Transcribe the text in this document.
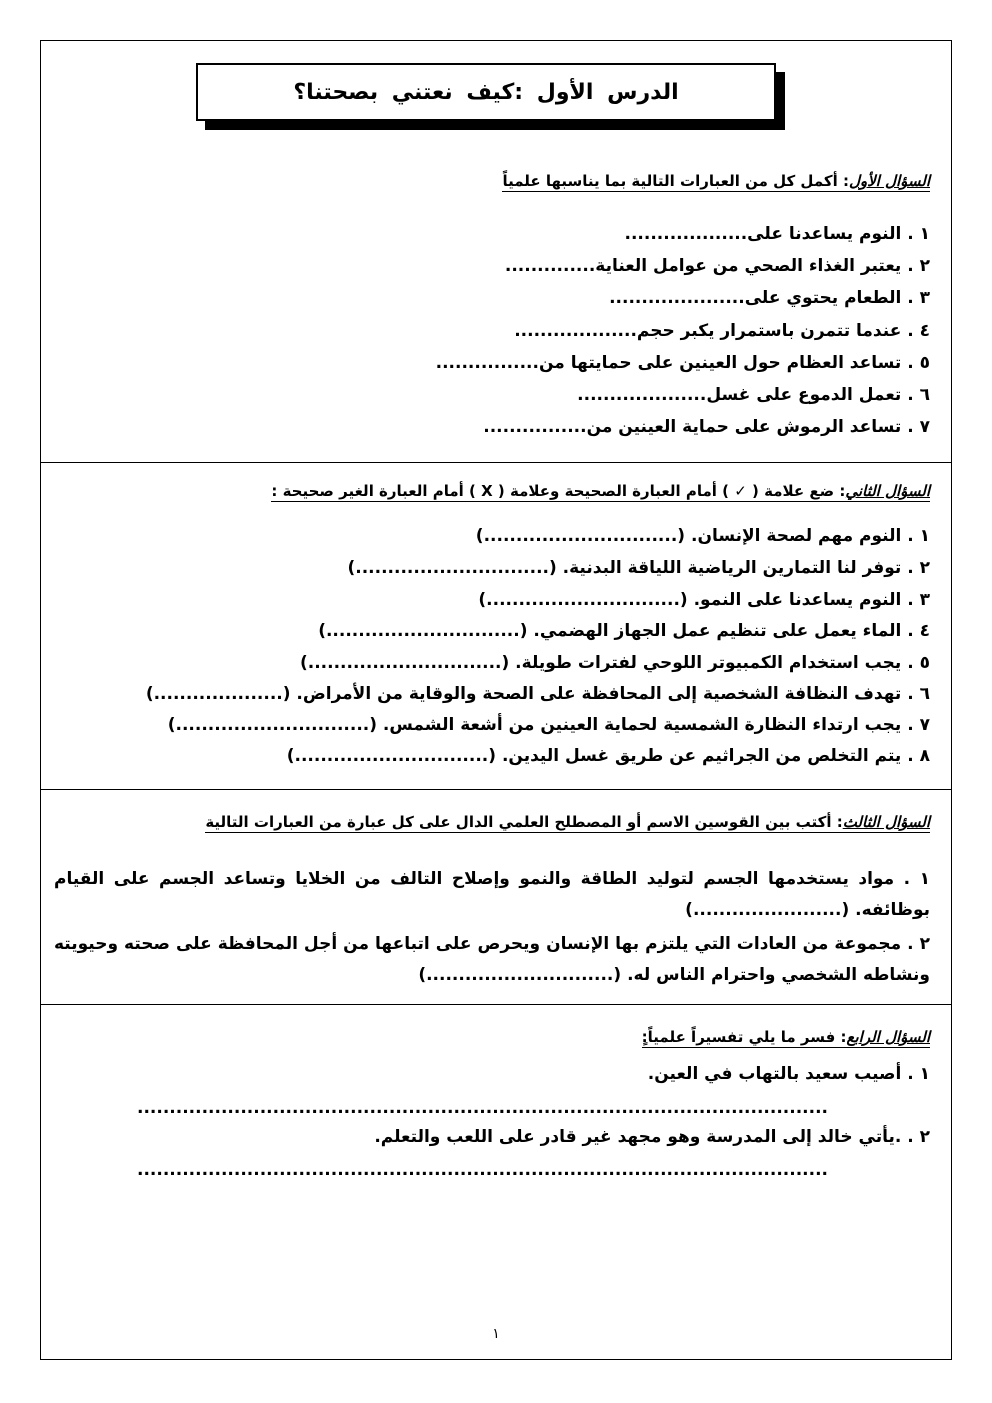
الدرس الأول :كيف نعتني بصحتنا؟
السؤال الأول: أكمل كل من العبارات التالية بما يناسبها علمياً
١ . النوم يساعدنا على...................
٢ . يعتبر الغذاء الصحي من عوامل العناية..............
٣ . الطعام يحتوي على.....................
٤ . عندما تتمرن باستمرار يكبر حجم...................
٥ . تساعد العظام حول العينين على حمايتها من................
٦ . تعمل الدموع على غسل....................
٧ . تساعد الرموش على حماية العينين من................
السؤال الثاني: ضع علامة ( ✓ ) أمام العبارة الصحيحة وعلامة ( X ) أمام العبارة الغير صحيحة :
١ . النوم مهم لصحة الإنسان. (..............................)
٢ . توفر لنا التمارين الرياضية اللياقة البدنية. (..............................)
٣ . النوم يساعدنا على النمو. (..............................)
٤ . الماء يعمل على تنظيم عمل الجهاز الهضمي. (..............................)
٥ . يجب استخدام الكمبيوتر اللوحي لفترات طويلة. (..............................)
٦ . تهدف النظافة الشخصية إلى المحافظة على الصحة والوقاية من الأمراض. (....................)
٧ . يجب ارتداء النظارة الشمسية لحماية العينين من أشعة الشمس. (..............................)
٨ . يتم التخلص من الجراثيم عن طريق غسل اليدين. (..............................)
السؤال الثالث: أكتب بين القوسين الاسم أو المصطلح العلمي الدال على كل عبارة من العبارات التالية
١ . مواد يستخدمها الجسم لتوليد الطاقة والنمو وإصلاح التالف من الخلايا وتساعد الجسم على القيام بوظائفه. (.......................)
٢ . مجموعة من العادات التي يلتزم بها الإنسان ويحرص على اتباعها من أجل المحافظة على صحته وحيويته ونشاطه الشخصي واحترام الناس له. (.............................)
السؤال الرابع: فسر ما يلي تفسيراً علمياً:ٍ
١ . أصيب سعيد بالتهاب في العين.
...........................................................................................................
٢ . .يأتي خالد إلى المدرسة وهو مجهد غير قادر على اللعب والتعلم.
...........................................................................................................
١
